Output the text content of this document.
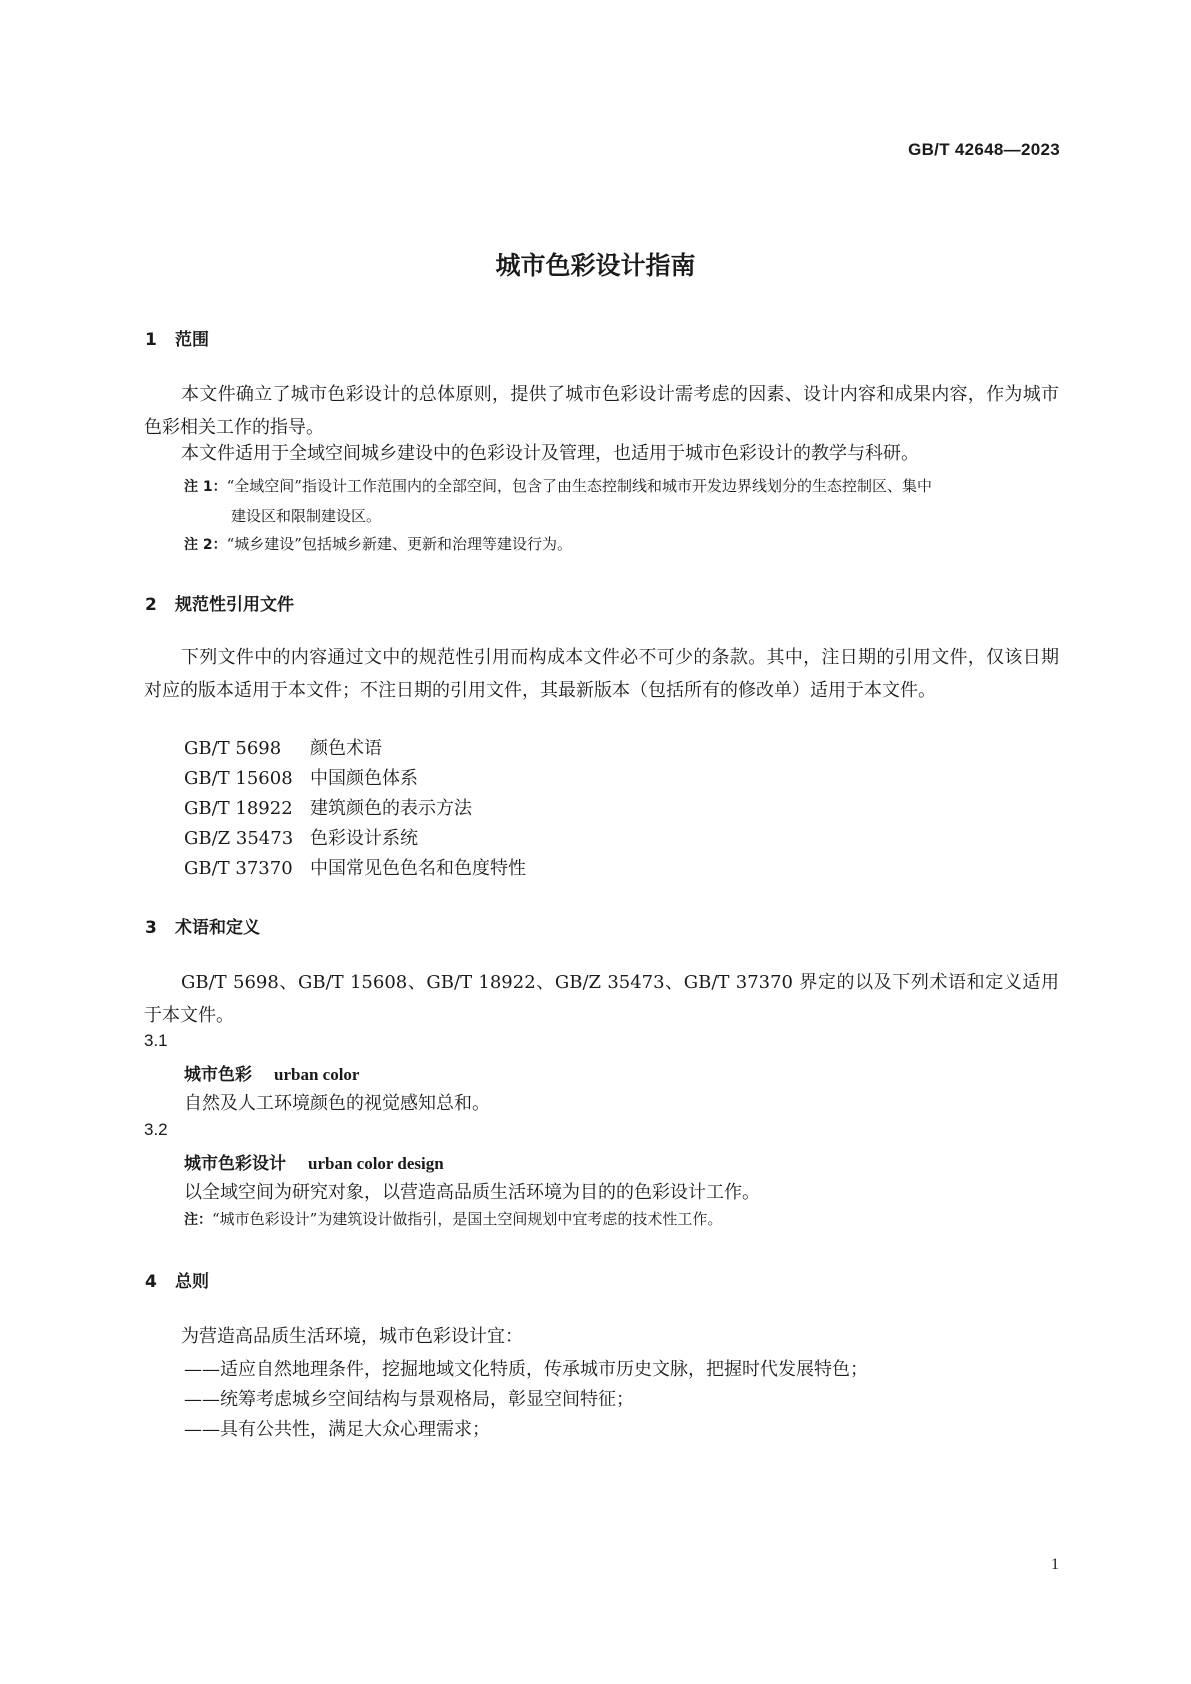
GB/T 42648—2023
城市色彩设计指南
1 范围

本文件确立了城市色彩设计的总体原则，提供了城市色彩设计需考虑的因素、设计内容和成果内容，作为城市色彩相关工作的指导。

本文件适用于全域空间城乡建设中的色彩设计及管理，也适用于城市色彩设计的教学与科研。

注 1：“全域空间”指设计工作范围内的全部空间，包含了由生态控制线和城市开发边界线划分的生态控制区、集中
建设区和限制建设区。
注 2：“城乡建设”包括城乡新建、更新和治理等建设行为。
2 规范性引用文件

下列文件中的内容通过文中的规范性引用而构成本文件必不可少的条款。其中，注日期的引用文件，仅该日期对应的版本适用于本文件；不注日期的引用文件，其最新版本（包括所有的修改单）适用于本文件。

GB/T 5698 颜色术语
GB/T 15608 中国颜色体系
GB/T 18922 建筑颜色的表示方法
GB/Z 35473 色彩设计系统
GB/T 37370 中国常见色色名和色度特性
3 术语和定义

GB/T 5698、GB/T 15608、GB/T 18922、GB/Z 35473、GB/T 37370 界定的以及下列术语和定义适用于本文件。

3.1
城市色彩 urban color
自然及人工环境颜色的视觉感知总和。
3.2
城市色彩设计 urban color design
以全域空间为研究对象，以营造高品质生活环境为目的的色彩设计工作。
注：“城市色彩设计”为建筑设计做指引，是国土空间规划中宜考虑的技术性工作。
4 总则

为营造高品质生活环境，城市色彩设计宜：

——适应自然地理条件，挖掘地域文化特质，传承城市历史文脉，把握时代发展特色；
——统筹考虑城乡空间结构与景观格局，彰显空间特征；
——具有公共性，满足大众心理需求；
1
